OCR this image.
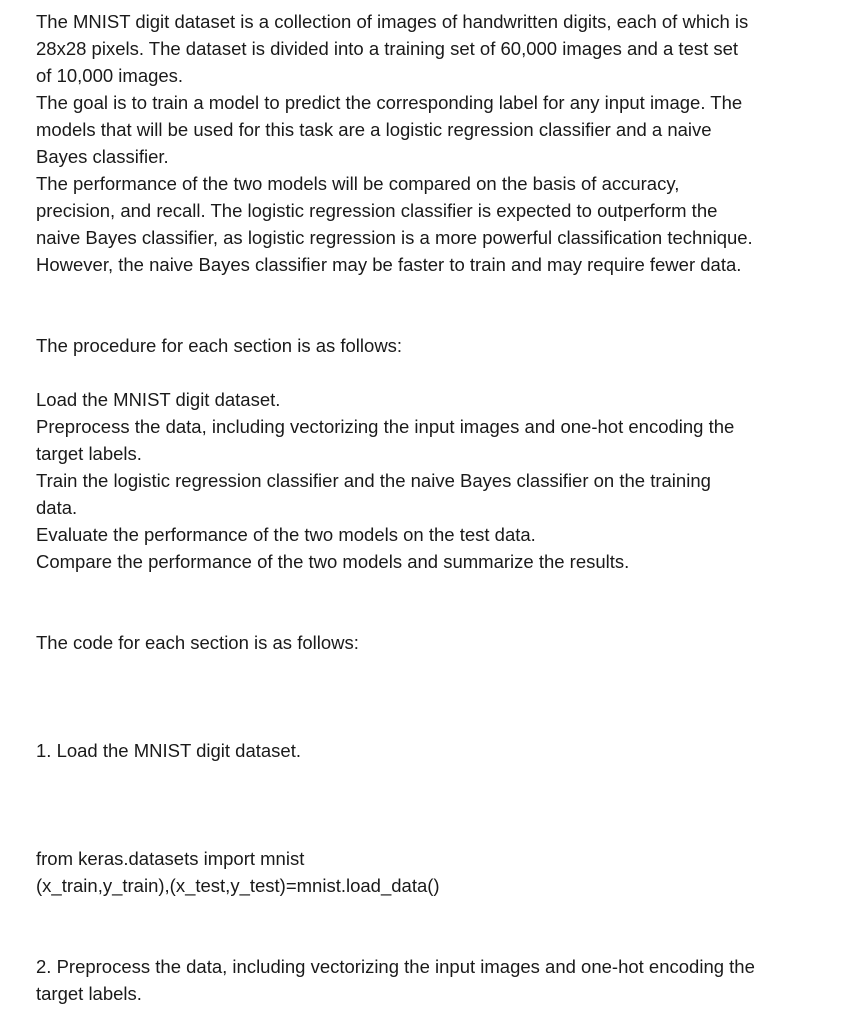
The MNIST digit dataset is a collection of images of handwritten digits, each of which is
28x28 pixels. The dataset is divided into a training set of 60,000 images and a test set
of 10,000 images.
The goal is to train a model to predict the corresponding label for any input image. The
models that will be used for this task are a logistic regression classifier and a naive
Bayes classifier.
The performance of the two models will be compared on the basis of accuracy,
precision, and recall. The logistic regression classifier is expected to outperform the
naive Bayes classifier, as logistic regression is a more powerful classification technique.
However, the naive Bayes classifier may be faster to train and may require fewer data.
The procedure for each section is as follows:
Load the MNIST digit dataset.
Preprocess the data, including vectorizing the input images and one-hot encoding the
target labels.
Train the logistic regression classifier and the naive Bayes classifier on the training
data.
Evaluate the performance of the two models on the test data.
Compare the performance of the two models and summarize the results.
The code for each section is as follows:
1. Load the MNIST digit dataset.
from keras.datasets import mnist
(x_train,y_train),(x_test,y_test)=mnist.load_data()
2. Preprocess the data, including vectorizing the input images and one-hot encoding the
target labels.
